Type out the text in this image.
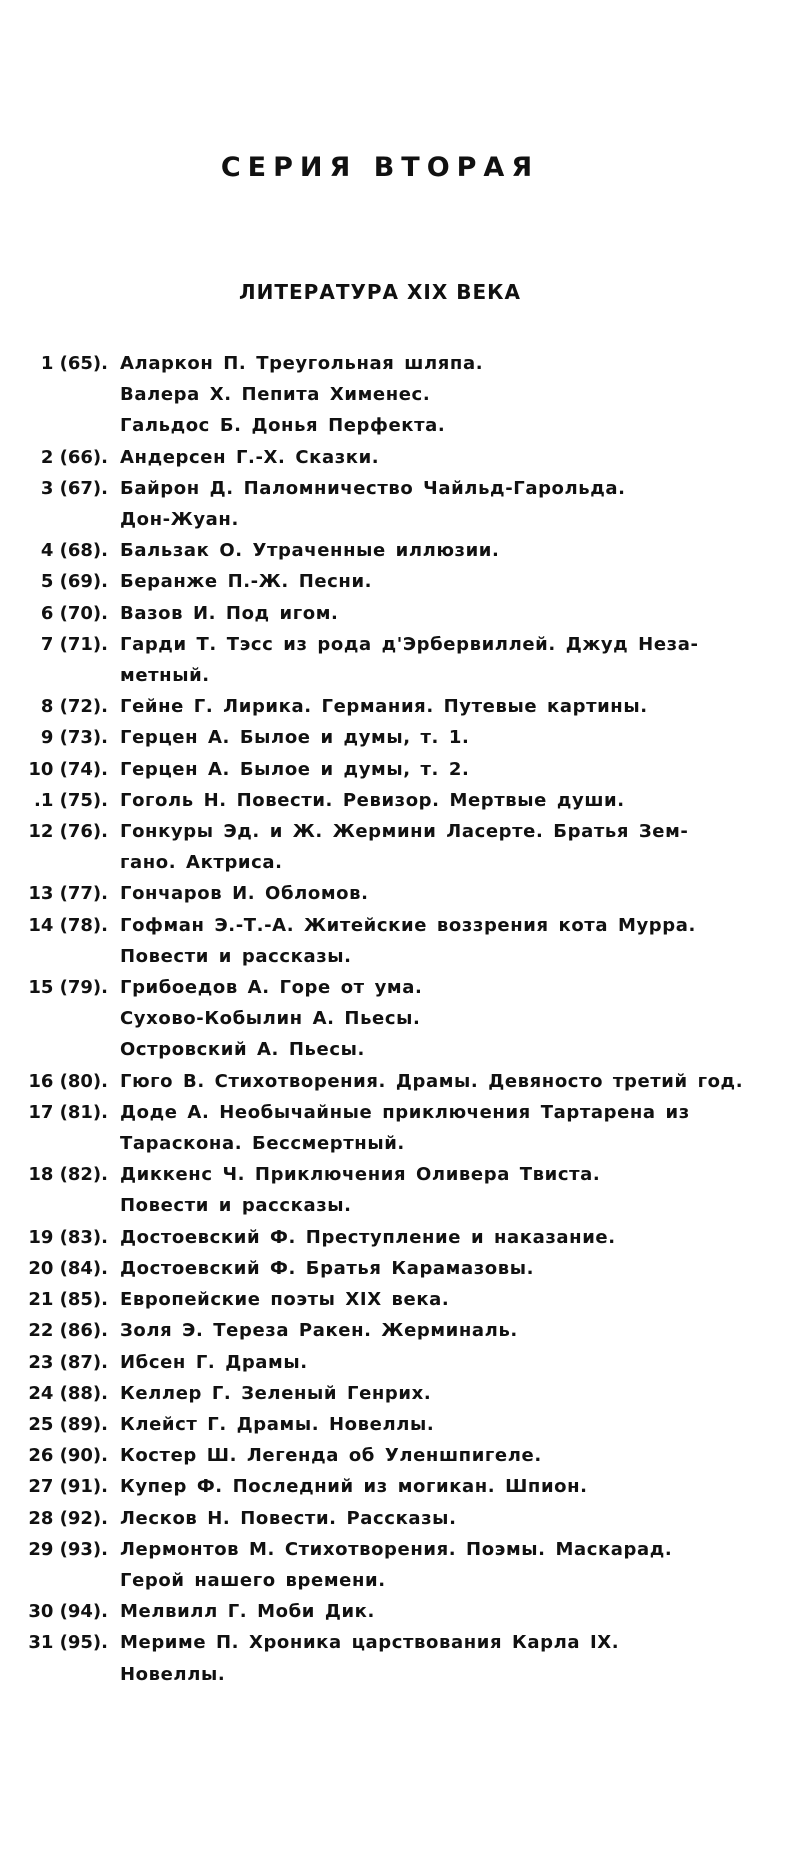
СЕРИЯ ВТОРАЯ
ЛИТЕРАТУРА XIX ВЕКА
1 (65). Аларкон П. Треугольная шляпа.
Валера Х. Пепита Хименес.
Гальдос Б. Донья Перфекта.
2 (66). Андерсен Г.-Х. Сказки.
3 (67). Байрон Д. Паломничество Чайльд-Гарольда.
Дон-Жуан.
4 (68). Бальзак О. Утраченные иллюзии.
5 (69). Беранже П.-Ж. Песни.
6 (70). Вазов И. Под игом.
7 (71). Гарди Т. Тэсс из рода д'Эрбервиллей. Джуд Неза-
метный.
8 (72). Гейне Г. Лирика. Германия. Путевые картины.
9 (73). Герцен А. Былое и думы, т. 1.
10 (74). Герцен А. Былое и думы, т. 2.
.1 (75). Гоголь Н. Повести. Ревизор. Мертвые души.
12 (76). Гонкуры Эд. и Ж. Жермини Ласерте. Братья Зем-
гано. Актриса.
13 (77). Гончаров И. Обломов.
14 (78). Гофман Э.-Т.-А. Житейские воззрения кота Мурра.
Повести и рассказы.
15 (79). Грибоедов А. Горе от ума.
Сухово-Кобылин А. Пьесы.
Островский А. Пьесы.
16 (80). Гюго В. Стихотворения. Драмы. Девяносто третий год.
17 (81). Доде А. Необычайные приключения Тартарена из
Тараскона. Бессмертный.
18 (82). Диккенс Ч. Приключения Оливера Твиста.
Повести и рассказы.
19 (83). Достоевский Ф. Преступление и наказание.
20 (84). Достоевский Ф. Братья Карамазовы.
21 (85). Европейские поэты XIX века.
22 (86). Золя Э. Тереза Ракен. Жерминаль.
23 (87). Ибсен Г. Драмы.
24 (88). Келлер Г. Зеленый Генрих.
25 (89). Клейст Г. Драмы. Новеллы.
26 (90). Костер Ш. Легенда об Уленшпигеле.
27 (91). Купер Ф. Последний из могикан. Шпион.
28 (92). Лесков Н. Повести. Рассказы.
29 (93). Лермонтов М. Стихотворения. Поэмы. Маскарад.
Герой нашего времени.
30 (94). Мелвилл Г. Моби Дик.
31 (95). Мериме П. Хроника царствования Карла IX.
Новеллы.
